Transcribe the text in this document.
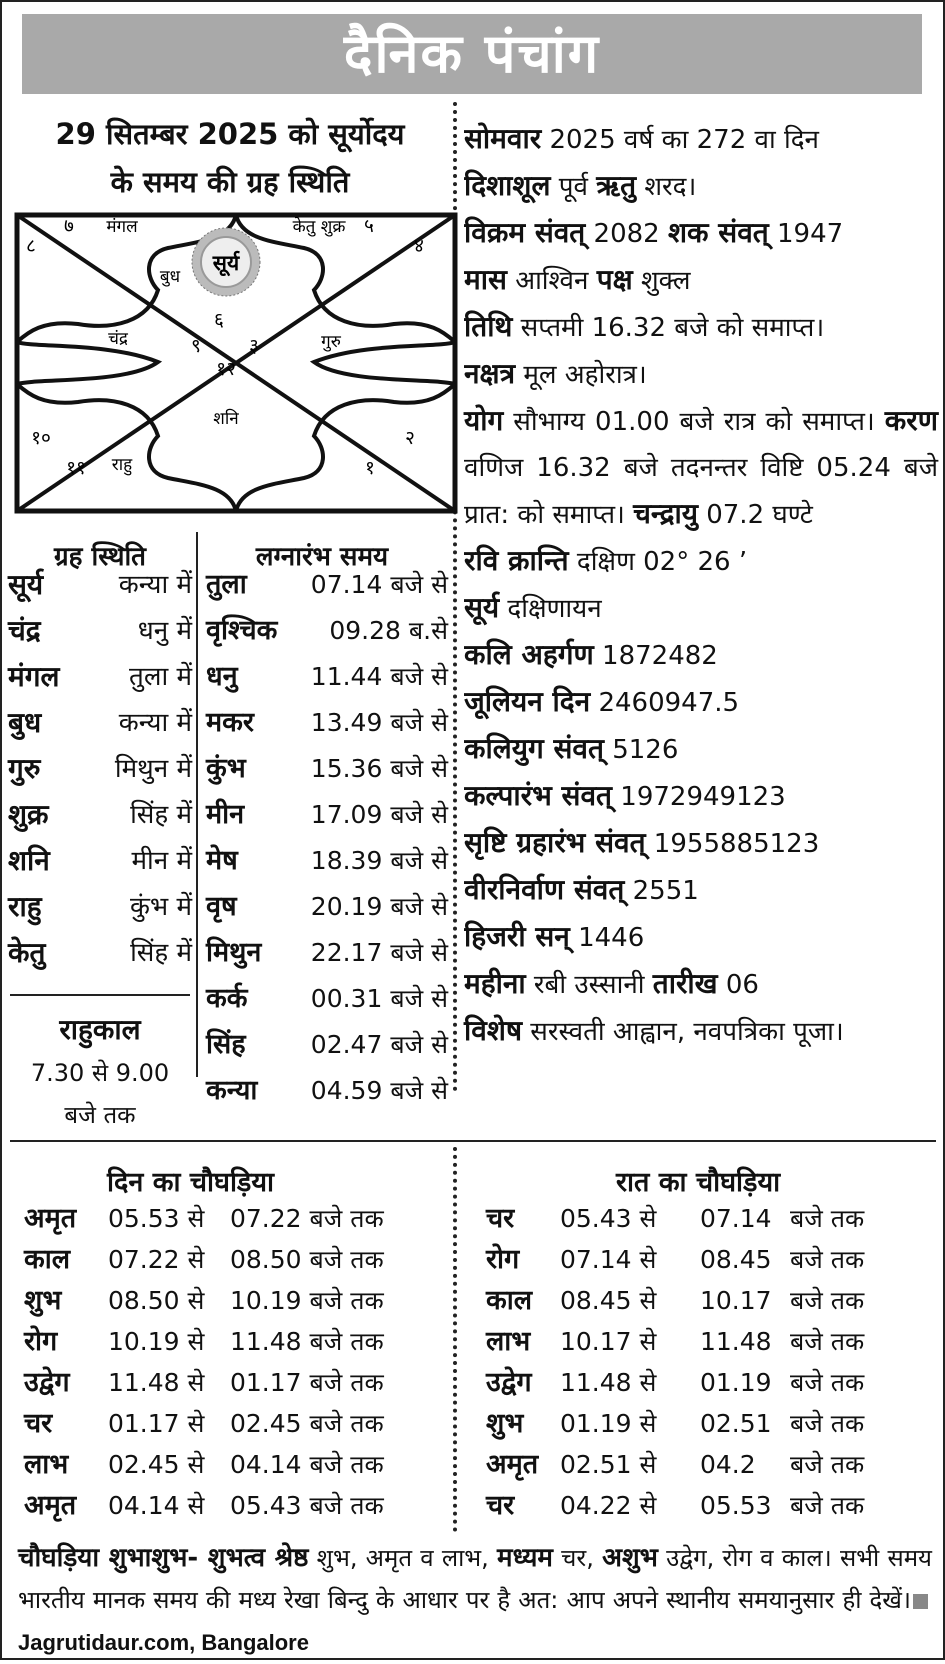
दैनिक पंचांग
29 सितम्बर 2025 को सूर्योदय
के समय की ग्रह स्थिति
सूर्य
७ मंगल	केतु शुक्र ५
८	४
बुध
६
चंद्र	९	३	गुरु
१२
शनि
१०	२
११ राहु	१
ग्रह स्थिति
सूर्य	कन्या में
चंद्र	धनु में
मंगल	तुला में
बुध	कन्या में
गुरु	मिथुन में
शुक्र	सिंह में
शनि	मीन में
राहु	कुंभ में
केतु	सिंह में
राहुकाल
7.30 से 9.00
बजे तक
लग्नारंभ समय
तुला	07.14 बजे से
वृश्चिक 09.28 ब.से
धनु	11.44 बजे से
मकर 13.49 बजे से
कुंभ	15.36 बजे से
मीन	17.09 बजे से
मेष	18.39 बजे से
वृष	20.19 बजे से
मिथुन 22.17 बजे से
कर्क	00.31 बजे से
सिंह	02.47 बजे से
कन्या 04.59 बजे से
सोमवार 2025 वर्ष का 272 वा दिन
दिशाशूल पूर्व ऋतु शरद।
विक्रम संवत् 2082 शक संवत् 1947
मास आश्विन पक्ष शुक्ल
तिथि सप्तमी 16.32 बजे को समाप्त।
नक्षत्र मूल अहोरात्र।
योग सौभाग्य 01.00 बजे रात्र को समाप्त। करण वणिज 16.32 बजे तदनन्तर विष्टि 05.24 बजे प्रात: को समाप्त। चन्द्रायु 07.2 घण्टे
रवि क्रान्ति दक्षिण 02° 26 ’
सूर्य दक्षिणायन
कलि अहर्गण 1872482
जूलियन दिन 2460947.5
कलियुग संवत् 5126
कल्पारंभ संवत् 1972949123
सृष्टि ग्रहारंभ संवत् 1955885123
वीरनिर्वाण संवत् 2551
हिजरी सन् 1446
महीना रबी उस्सानी तारीख 06
विशेष सरस्वती आह्वान, नवपत्रिका पूजा।
दिन का चौघड़िया
अमृत	05.53 से	07.22 बजे तक
काल	07.22 से	08.50 बजे तक
शुभ	08.50 से	10.19 बजे तक
रोग	10.19 से	11.48 बजे तक
उद्वेग	11.48 से	01.17 बजे तक
चर	01.17 से	02.45 बजे तक
लाभ	02.45 से	04.14 बजे तक
अमृत	04.14 से	05.43 बजे तक
रात का चौघड़िया
चर	05.43 से	07.14 बजे तक
रोग	07.14 से	08.45 बजे तक
काल	08.45 से	10.17 बजे तक
लाभ	10.17 से	11.48 बजे तक
उद्वेग	11.48 से	01.19 बजे तक
शुभ	01.19 से	02.51 बजे तक
अमृत 02.51 से	04.2	बजे तक
चर	04.22 से	05.53 बजे तक
चौघड़िया शुभाशुभ- शुभत्व श्रेष्ठ शुभ, अमृत व लाभ, मध्यम चर, अशुभ उद्वेग, रोग व काल। सभी समय भारतीय मानक समय की मध्य रेखा बिन्दु के आधार पर है अत: आप अपने स्थानीय समयानुसार ही देखें।Jagrutidaur.com, Bangalore
